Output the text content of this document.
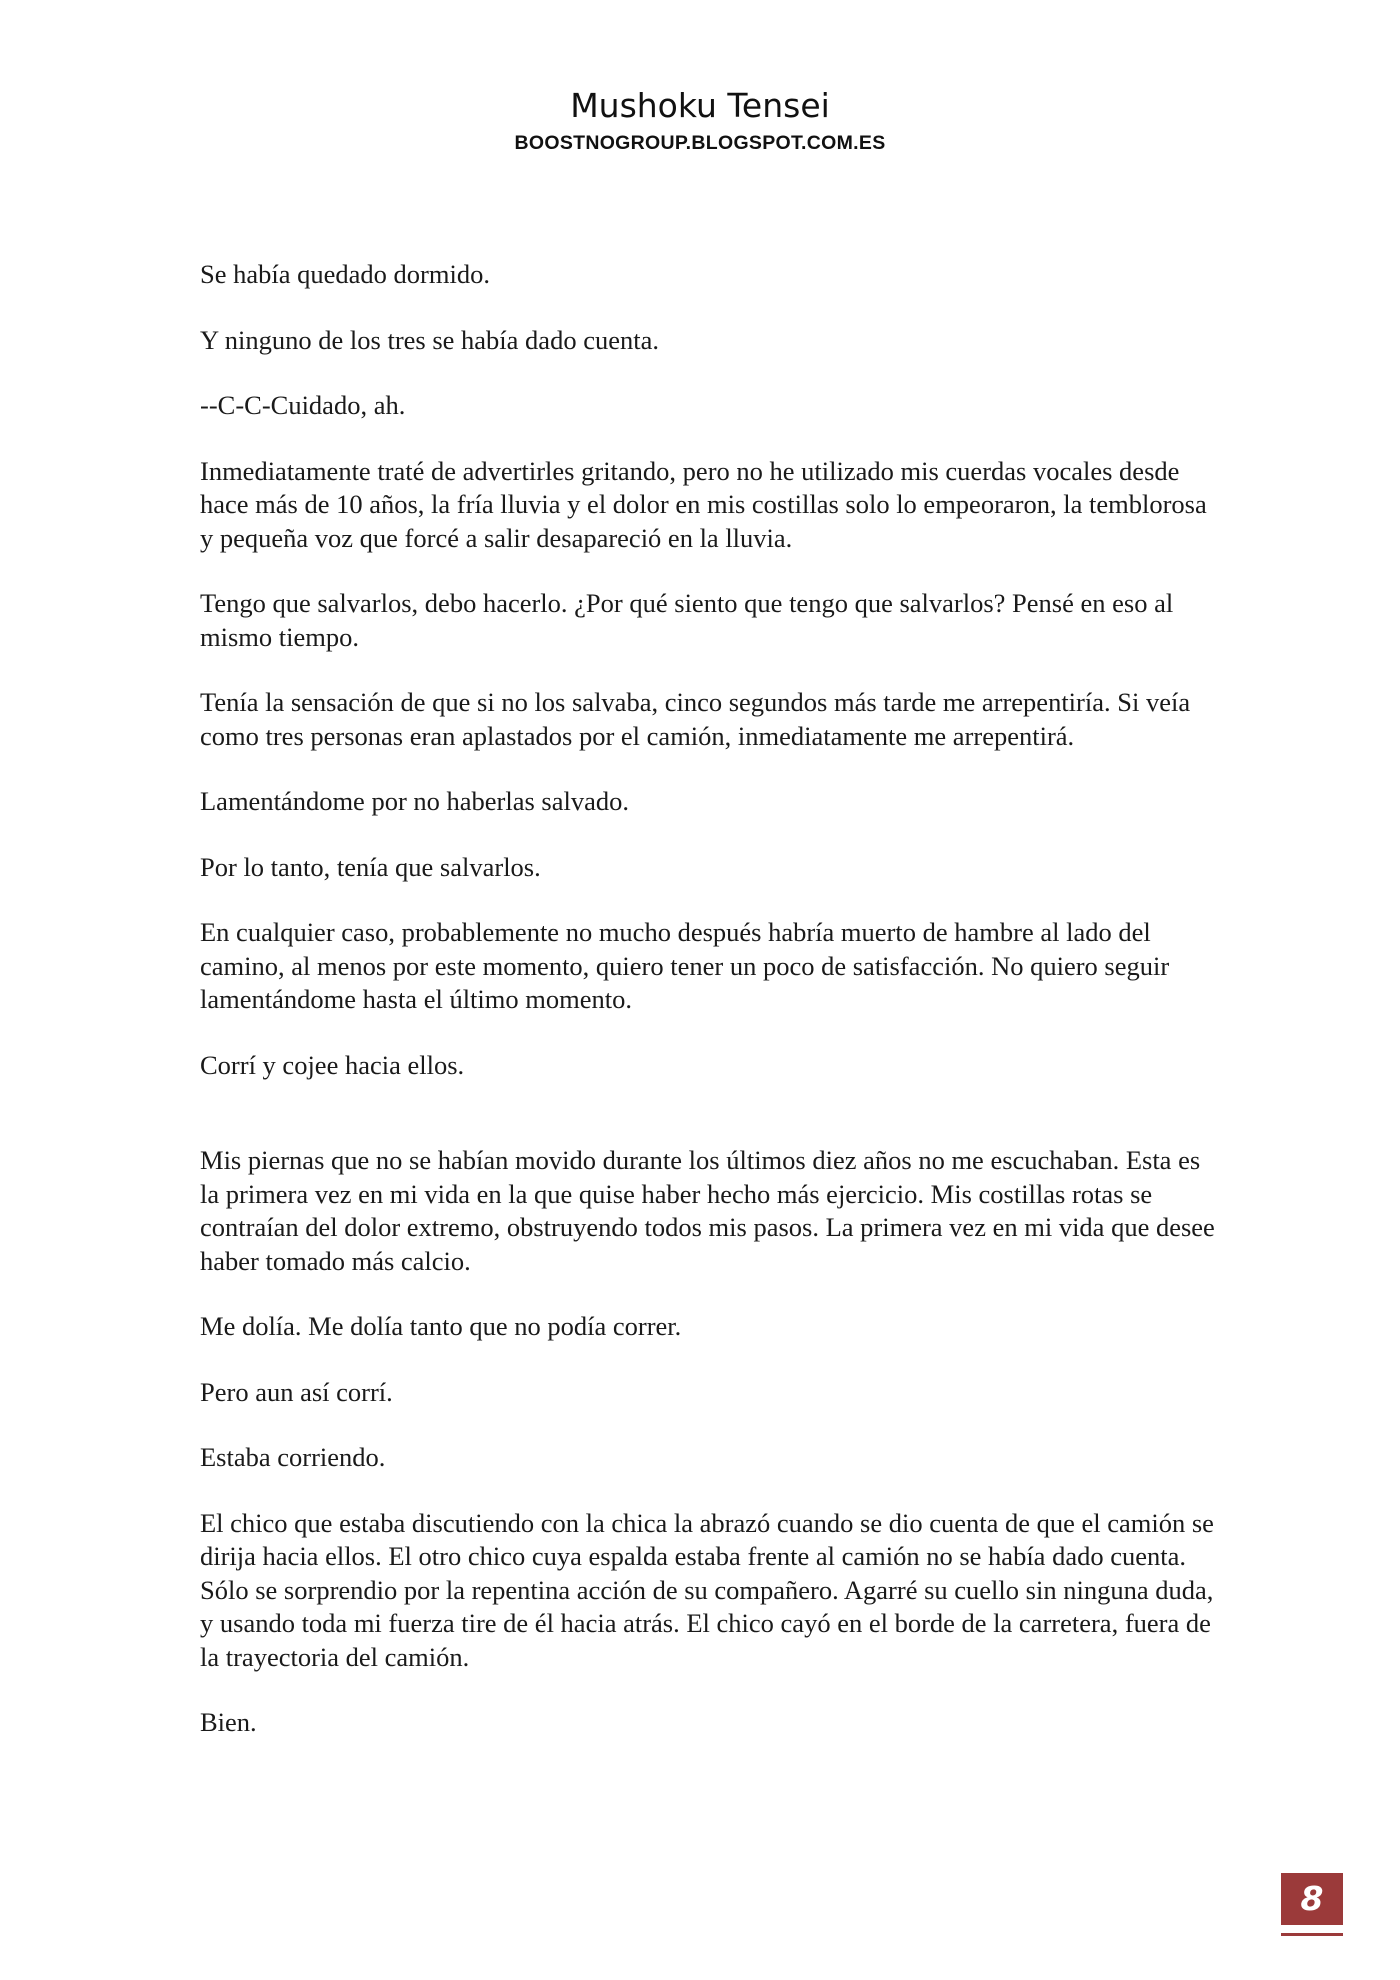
Mushoku Tensei
BOOSTNOGROUP.BLOGSPOT.COM.ES

Se había quedado dormido.

Y ninguno de los tres se había dado cuenta.

--C-C-Cuidado, ah.

Inmediatamente traté de advertirles gritando, pero no he utilizado mis cuerdas vocales desde hace más de 10 años, la fría lluvia y el dolor en mis costillas solo lo empeoraron, la temblorosa y pequeña voz que forcé a salir desapareció en la lluvia.

Tengo que salvarlos, debo hacerlo. ¿Por qué siento que tengo que salvarlos? Pensé en eso al mismo tiempo.

Tenía la sensación de que si no los salvaba, cinco segundos más tarde me arrepentiría. Si veía como tres personas eran aplastados por el camión, inmediatamente me arrepentirá.

Lamentándome por no haberlas salvado.

Por lo tanto, tenía que salvarlos.

En cualquier caso, probablemente no mucho después habría muerto de hambre al lado del camino, al menos por este momento, quiero tener un poco de satisfacción. No quiero seguir lamentándome hasta el último momento.

Corrí y cojee hacia ellos.

Mis piernas que no se habían movido durante los últimos diez años no me escuchaban. Esta es la primera vez en mi vida en la que quise haber hecho más ejercicio. Mis costillas rotas se contraían del dolor extremo, obstruyendo todos mis pasos. La primera vez en mi vida que desee haber tomado más calcio.

Me dolía. Me dolía tanto que no podía correr.

Pero aun así corrí.

Estaba corriendo.

El chico que estaba discutiendo con la chica la abrazó cuando se dio cuenta de que el camión se dirija hacia ellos. El otro chico cuya espalda estaba frente al camión no se había dado cuenta. Sólo se sorprendio por la repentina acción de su compañero. Agarré su cuello sin ninguna duda, y usando toda mi fuerza tire de él hacia atrás. El chico cayó en el borde de la carretera, fuera de la trayectoria del camión.

Bien.

8
